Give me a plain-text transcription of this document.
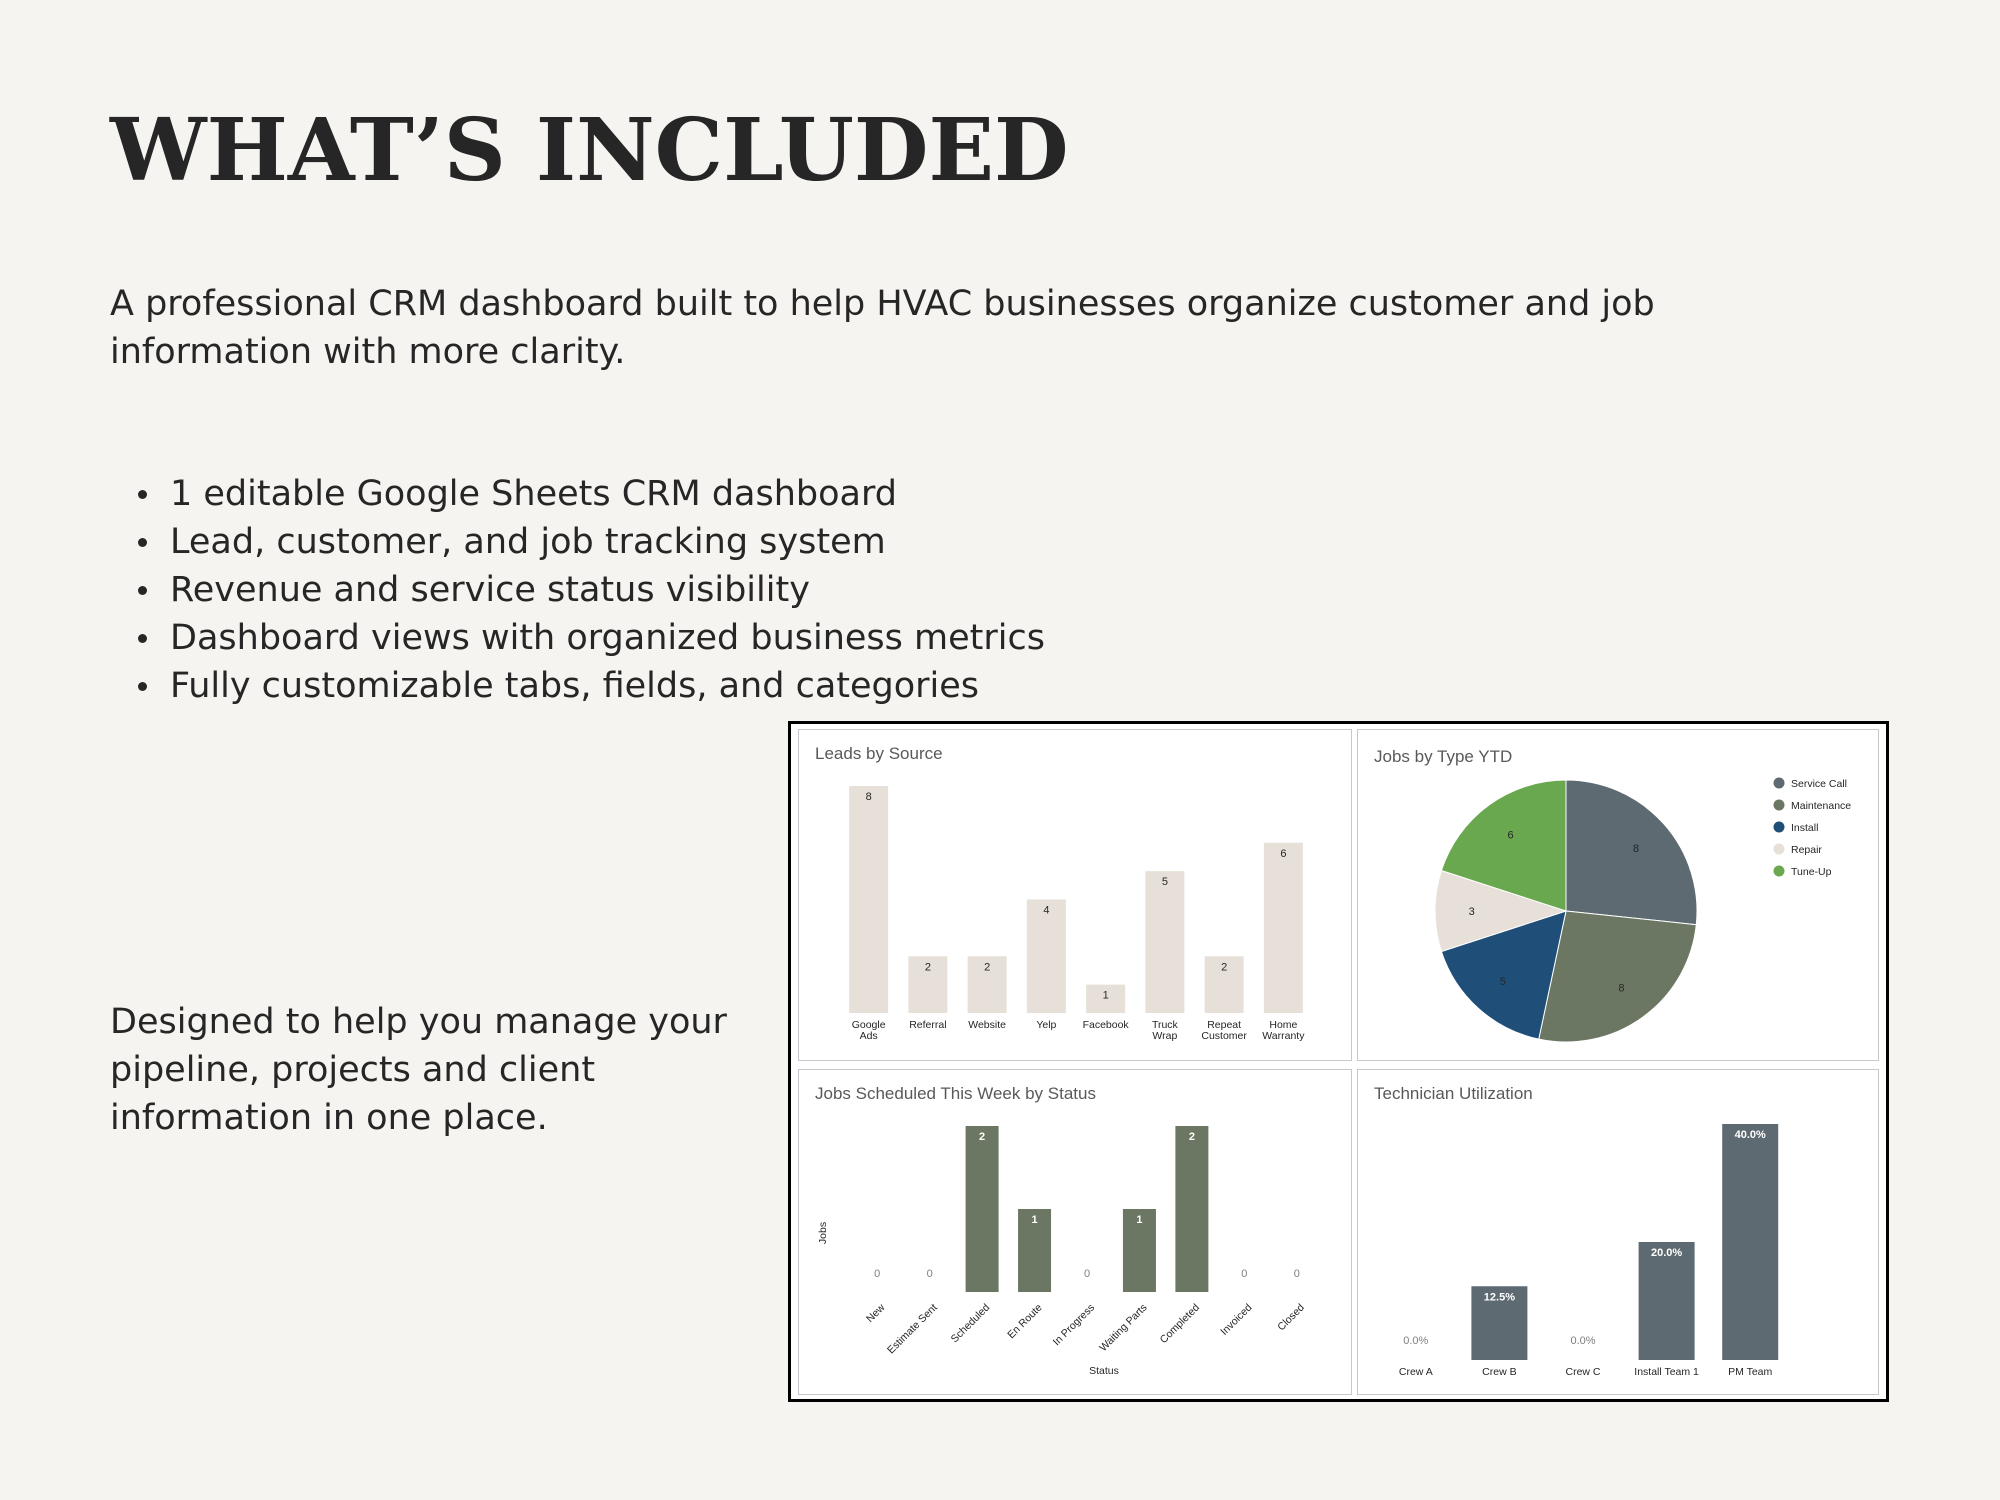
WHAT’S INCLUDED

A professional CRM dashboard built to help HVAC businesses organize customer and job information with more clarity.

1 editable Google Sheets CRM dashboard
Lead, customer, and job tracking system
Revenue and service status visibility
Dashboard views with organized business metrics
Fully customizable tabs, fields, and categories

Designed to help you manage your pipeline, projects and client information in one place.

Leads by Source
8
Google
Ads
2
Referral
2
Website
4
Yelp
1
Facebook
5
Truck
Wrap
2
Repeat
Customer
6
Home
Warranty
Jobs by Type YTD
8
8
5
3
6
Service Call
Maintenance
Install
Repair
Tune-Up
Jobs Scheduled This Week by Status
0
New
0
Estimate Sent
2
Scheduled
1
En Route
0
In Progress
1
Waiting Parts
2
Completed
0
Invoiced
0
Closed
Status
Jobs
Technician Utilization
0.0%
Crew A
12.5%
Crew B
0.0%
Crew C
20.0%
Install Team 1
40.0%
PM Team
